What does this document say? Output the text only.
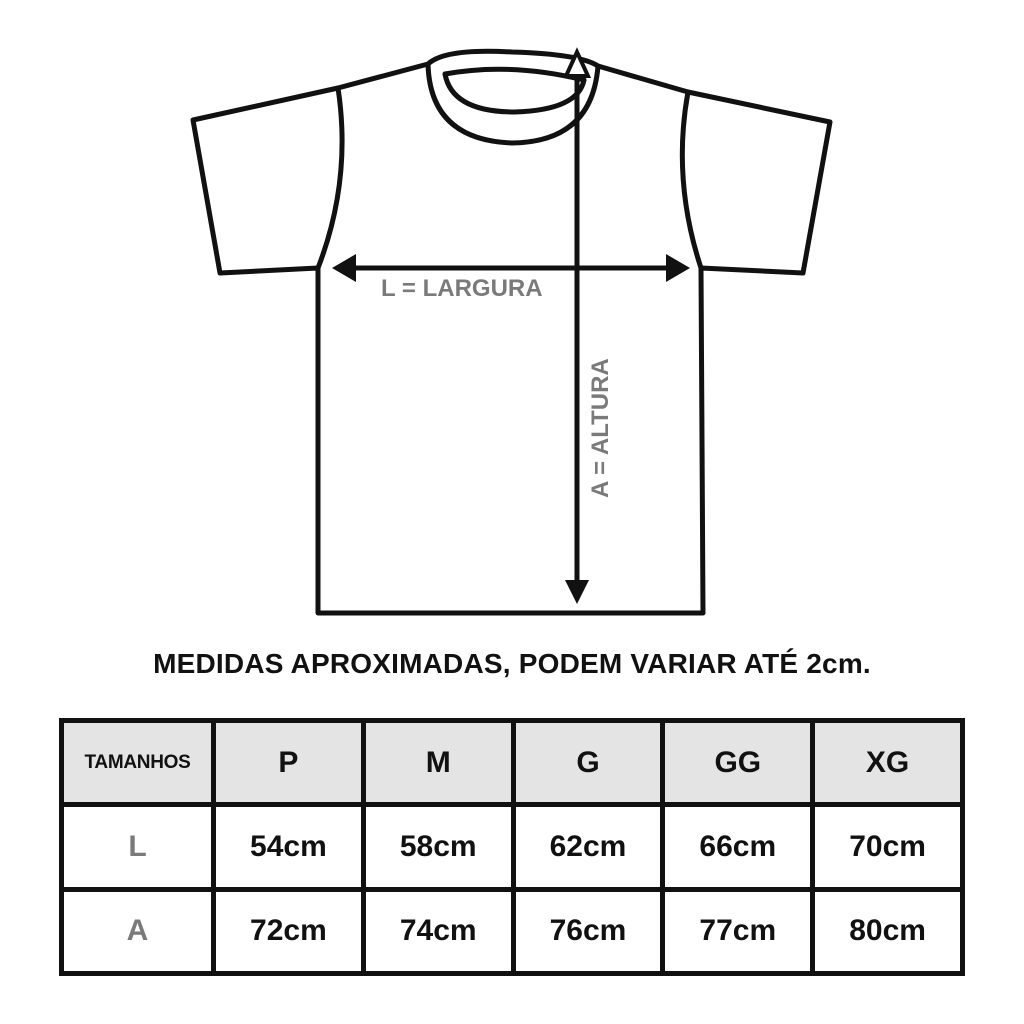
L = LARGURA
A = ALTURA
MEDIDAS APROXIMADAS, PODEM VARIAR ATÉ 2cm.
TAMANHOS	P	M	G	GG	XG
L	54cm	58cm	62cm	66cm	70cm
A	72cm	74cm	76cm	77cm	80cm
